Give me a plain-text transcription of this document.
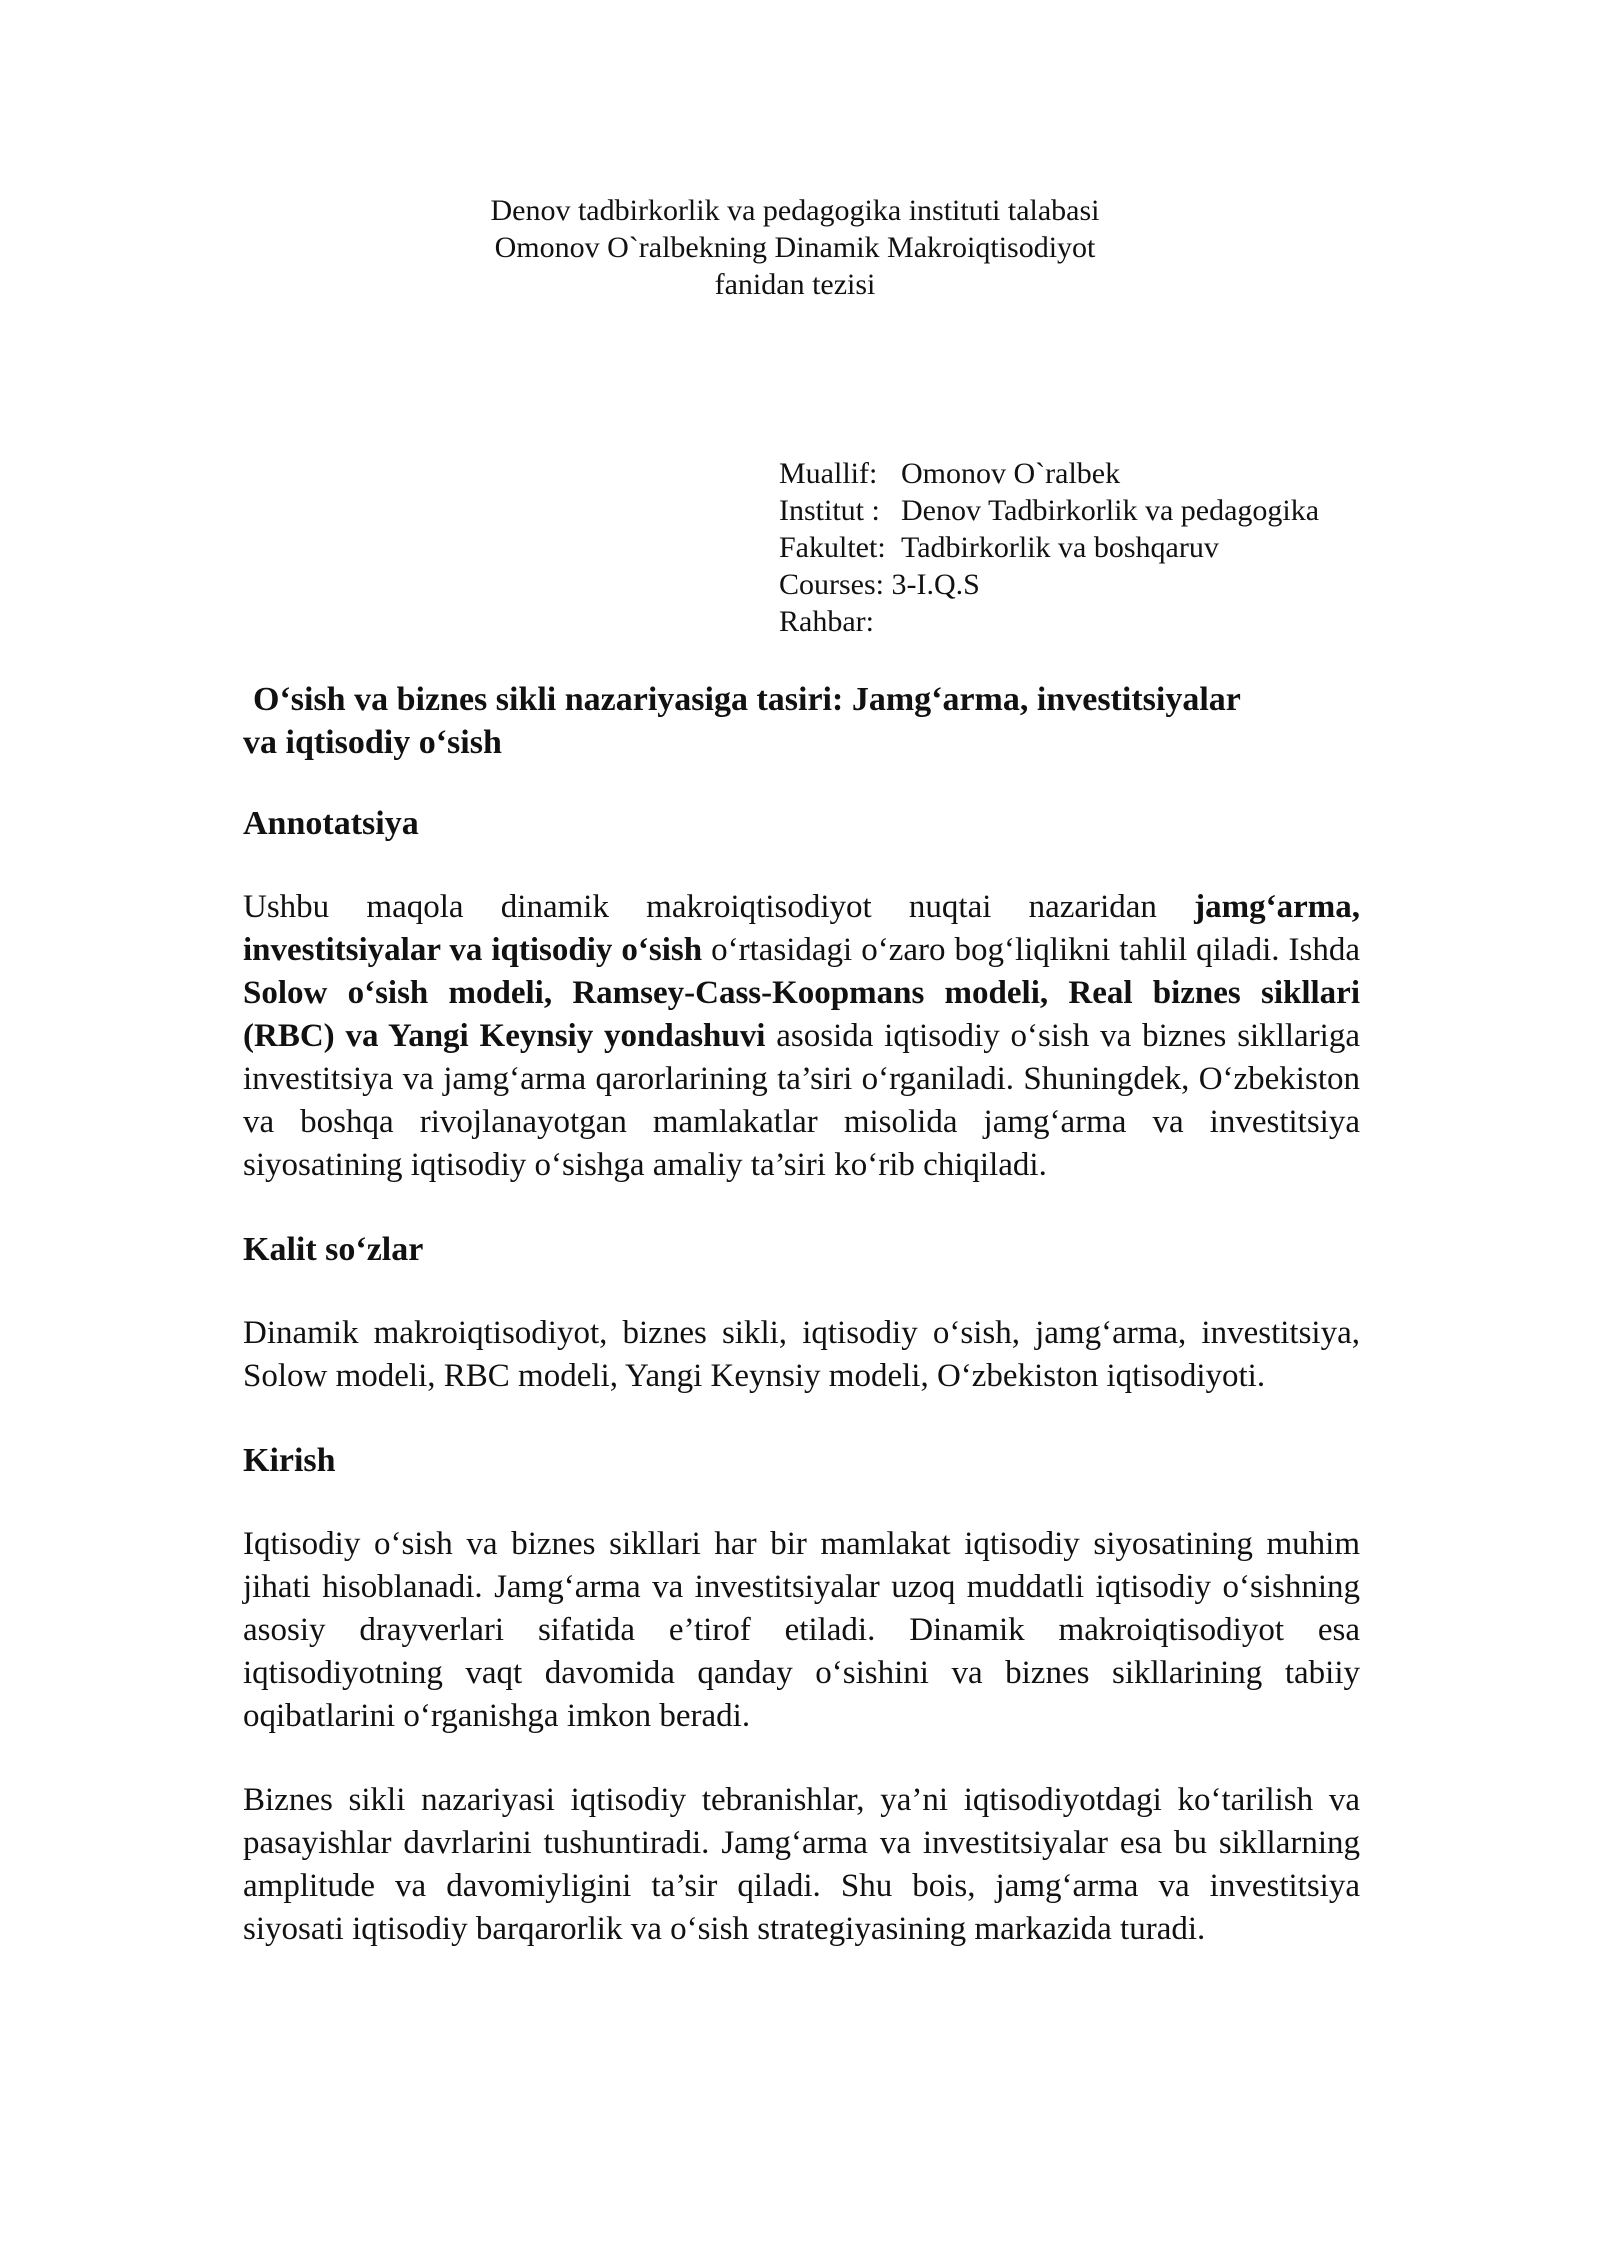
Denov tadbirkorlik va pedagogika instituti talabasi
Omonov O`ralbekning Dinamik Makroiqtisodiyot
fanidan tezisi
Muallif: Omonov O`ralbek
Institut : Denov Tadbirkorlik va pedagogika
Fakultet: Tadbirkorlik va boshqaruv
Courses:
3-I.Q.S
Rahbar:
O‘sish va biznes sikli nazariyasiga tasiri: Jamg‘arma, investitsiyalar
va iqtisodiy o‘sish
Annotatsiya

Ushbu maqola dinamik makroiqtisodiyot nuqtai nazaridan jamg‘arma, investitsiyalar va iqtisodiy o‘sish o‘rtasidagi o‘zaro bog‘liqlikni tahlil qiladi. Ishda Solow o‘sish modeli, Ramsey-Cass-Koopmans modeli, Real biznes sikllari (RBC) va Yangi Keynsiy yondashuvi asosida iqtisodiy o‘sish va biznes sikllariga investitsiya va jamg‘arma qarorlarining ta’siri o‘rganiladi. Shuningdek, O‘zbekiston va boshqa rivojlanayotgan mamlakatlar misolida jamg‘arma va investitsiya siyosatining iqtisodiy o‘sishga amaliy ta’siri ko‘rib chiqiladi.

Kalit so‘zlar

Dinamik makroiqtisodiyot, biznes sikli, iqtisodiy o‘sish, jamg‘arma, investitsiya, Solow modeli, RBC modeli, Yangi Keynsiy modeli, O‘zbekiston iqtisodiyoti.

Kirish

Iqtisodiy o‘sish va biznes sikllari har bir mamlakat iqtisodiy siyosatining muhim jihati hisoblanadi. Jamg‘arma va investitsiyalar uzoq muddatli iqtisodiy o‘sishning asosiy drayverlari sifatida e’tirof etiladi. Dinamik makroiqtisodiyot esa iqtisodiyotning vaqt davomida qanday o‘sishini va biznes sikllarining tabiiy oqibatlarini o‘rganishga imkon beradi.

Biznes sikli nazariyasi iqtisodiy tebranishlar, ya’ni iqtisodiyotdagi ko‘tarilish va pasayishlar davrlarini tushuntiradi. Jamg‘arma va investitsiyalar esa bu sikllarning amplitude va davomiyligini ta’sir qiladi. Shu bois, jamg‘arma va investitsiya siyosati iqtisodiy barqarorlik va o‘sish strategiyasining markazida turadi.
